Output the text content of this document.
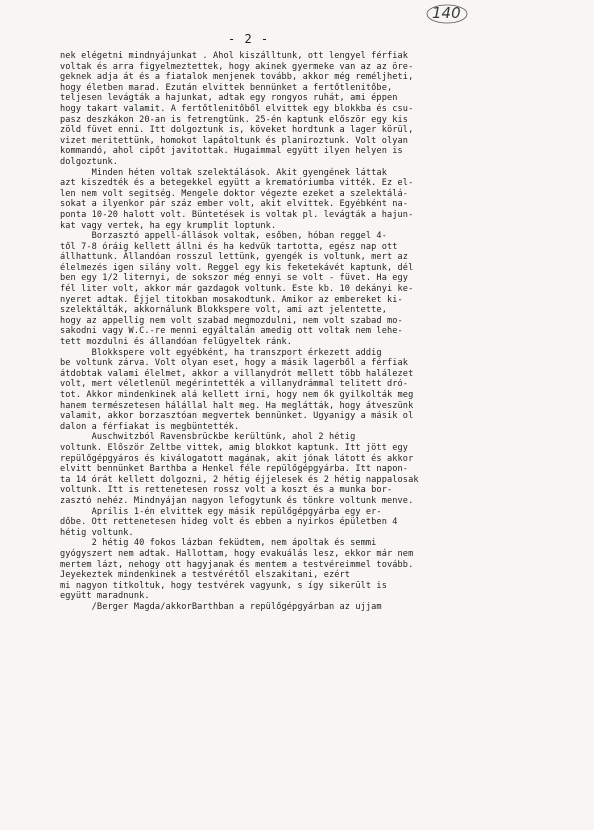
140
- 2 -
nek elégetni mindnyájunkat . Ahol kiszálltunk, ott lengyel férfiak
voltak és arra figyelmeztettek, hogy akinek gyermeke van az az öre-
geknek adja át és a fiatalok menjenek tovább, akkor még reméljheti,
hogy életben marad. Ezután elvittek bennünket a fertőtlenitőbe,
teljesen levágták a hajunkat, adtak egy rongyos ruhát, ami éppen
hogy takart valamit. A fertőtlenitőből elvittek egy blokkba és csu-
pasz deszkákon 20-an is fetrengtünk. 25-én kaptunk először egy kis
zöld füvet enni. Itt dolgoztunk is, köveket hordtunk a lager körül,
vizet meritettünk, homokot lapátoltunk és planiroztunk. Volt olyan
kommandó, ahol cipőt javitottak. Hugaimmal együtt ilyen helyen is
dolgoztunk.
Minden héten voltak szelektálások. Akit gyengének láttak
azt kiszedték és a betegekkel együtt a krematóriumba vitték. Ez el-
len nem volt segitség. Mengele doktor végezte ezeket a szelektálá-
sokat a ilyenkor pár száz ember volt, akit elvittek. Egyébként na-
ponta 10-20 halott volt. Büntetések is voltak pl. levágták a hajun-
kat vagy vertek, ha egy krumplit loptunk.
Borzasztó appell-állások voltak, esőben, hóban reggel 4-
től 7-8 óráig kellett állni és ha kedvük tartotta, egész nap ott
állhattunk. Állandóan rosszul lettünk, gyengék is voltunk, mert az
élelmezés igen silány volt. Reggel egy kis feketekávét kaptunk, dél
ben egy 1/2 liternyi, de sokszor még ennyi se volt - füvet. Ha egy
fél liter volt, akkor már gazdagok voltunk. Este kb. 10 dekányi ke-
nyeret adtak. Éjjel titokban mosakodtunk. Amikor az embereket ki-
szelektálták, akkornálunk Blokkspere volt, ami azt jelentette,
hogy az appellig nem volt szabad megmozdulni, nem volt szabad mo-
sakodni vagy W.C.-re menni egyáltalán amedig ott voltak nem lehe-
tett mozdulni és állandóan felügyeltek ránk.
Blokkspere volt egyébként, ha transzport érkezett addig
be voltunk zárva. Volt olyan eset, hogy a másik lagerből a férfiak
átdobtak valami élelmet, akkor a villanydrót mellett több halálezet
volt, mert véletlenül megérintették a villanydrámmal telitett dró-
tot. Akkor mindenkinek alá kellett irni, hogy nem ők gyilkolták meg
hanem természetesen hálállal halt meg. Ha meglátták, hogy átveszünk
valamit, akkor borzasztóan megvertek bennünket. Ugyanigy a másik ol
dalon a férfiakat is megbüntették.
Auschwitzból Ravensbrückbe kerültünk, ahol 2 hétig
voltunk. Először Zeltbe vittek, amig blokkot kaptunk. Itt jött egy
repülőgépgyáros és kiválogatott magának, akit jónak látott és akkor
elvitt bennünket Barthba a Henkel féle repülőgépgyárba. Itt napon-
ta 14 órát kellett dolgozni, 2 hétig éjjelesek és 2 hétig nappalosak
voltunk. Itt is rettenetesen rossz volt a koszt és a munka bor-
zasztó nehéz. Mindnyájan nagyon lefogytunk és tönkre voltunk menve.
Aprilis 1-én elvittek egy másik repülőgépgyárba egy er-
dőbe. Ott rettenetesen hideg volt és ebben a nyirkos épületben 4
hétig voltunk.
2 hétig 40 fokos lázban feküdtem, nem ápoltak és semmi
gyógyszert nem adtak. Hallottam, hogy evakuálás lesz, ekkor már nem
mertem lázt, nehogy ott hagyjanak és mentem a testvéreimmel tovább.
Jeyekeztek mindenkinek a testvérétől elszakitani, ezért
mi nagyon titkoltuk, hogy testvérek vagyunk, s így sikerült is
együtt maradnunk.
/Berger Magda/akkorBarthban a repülőgépgyárban az ujjam
